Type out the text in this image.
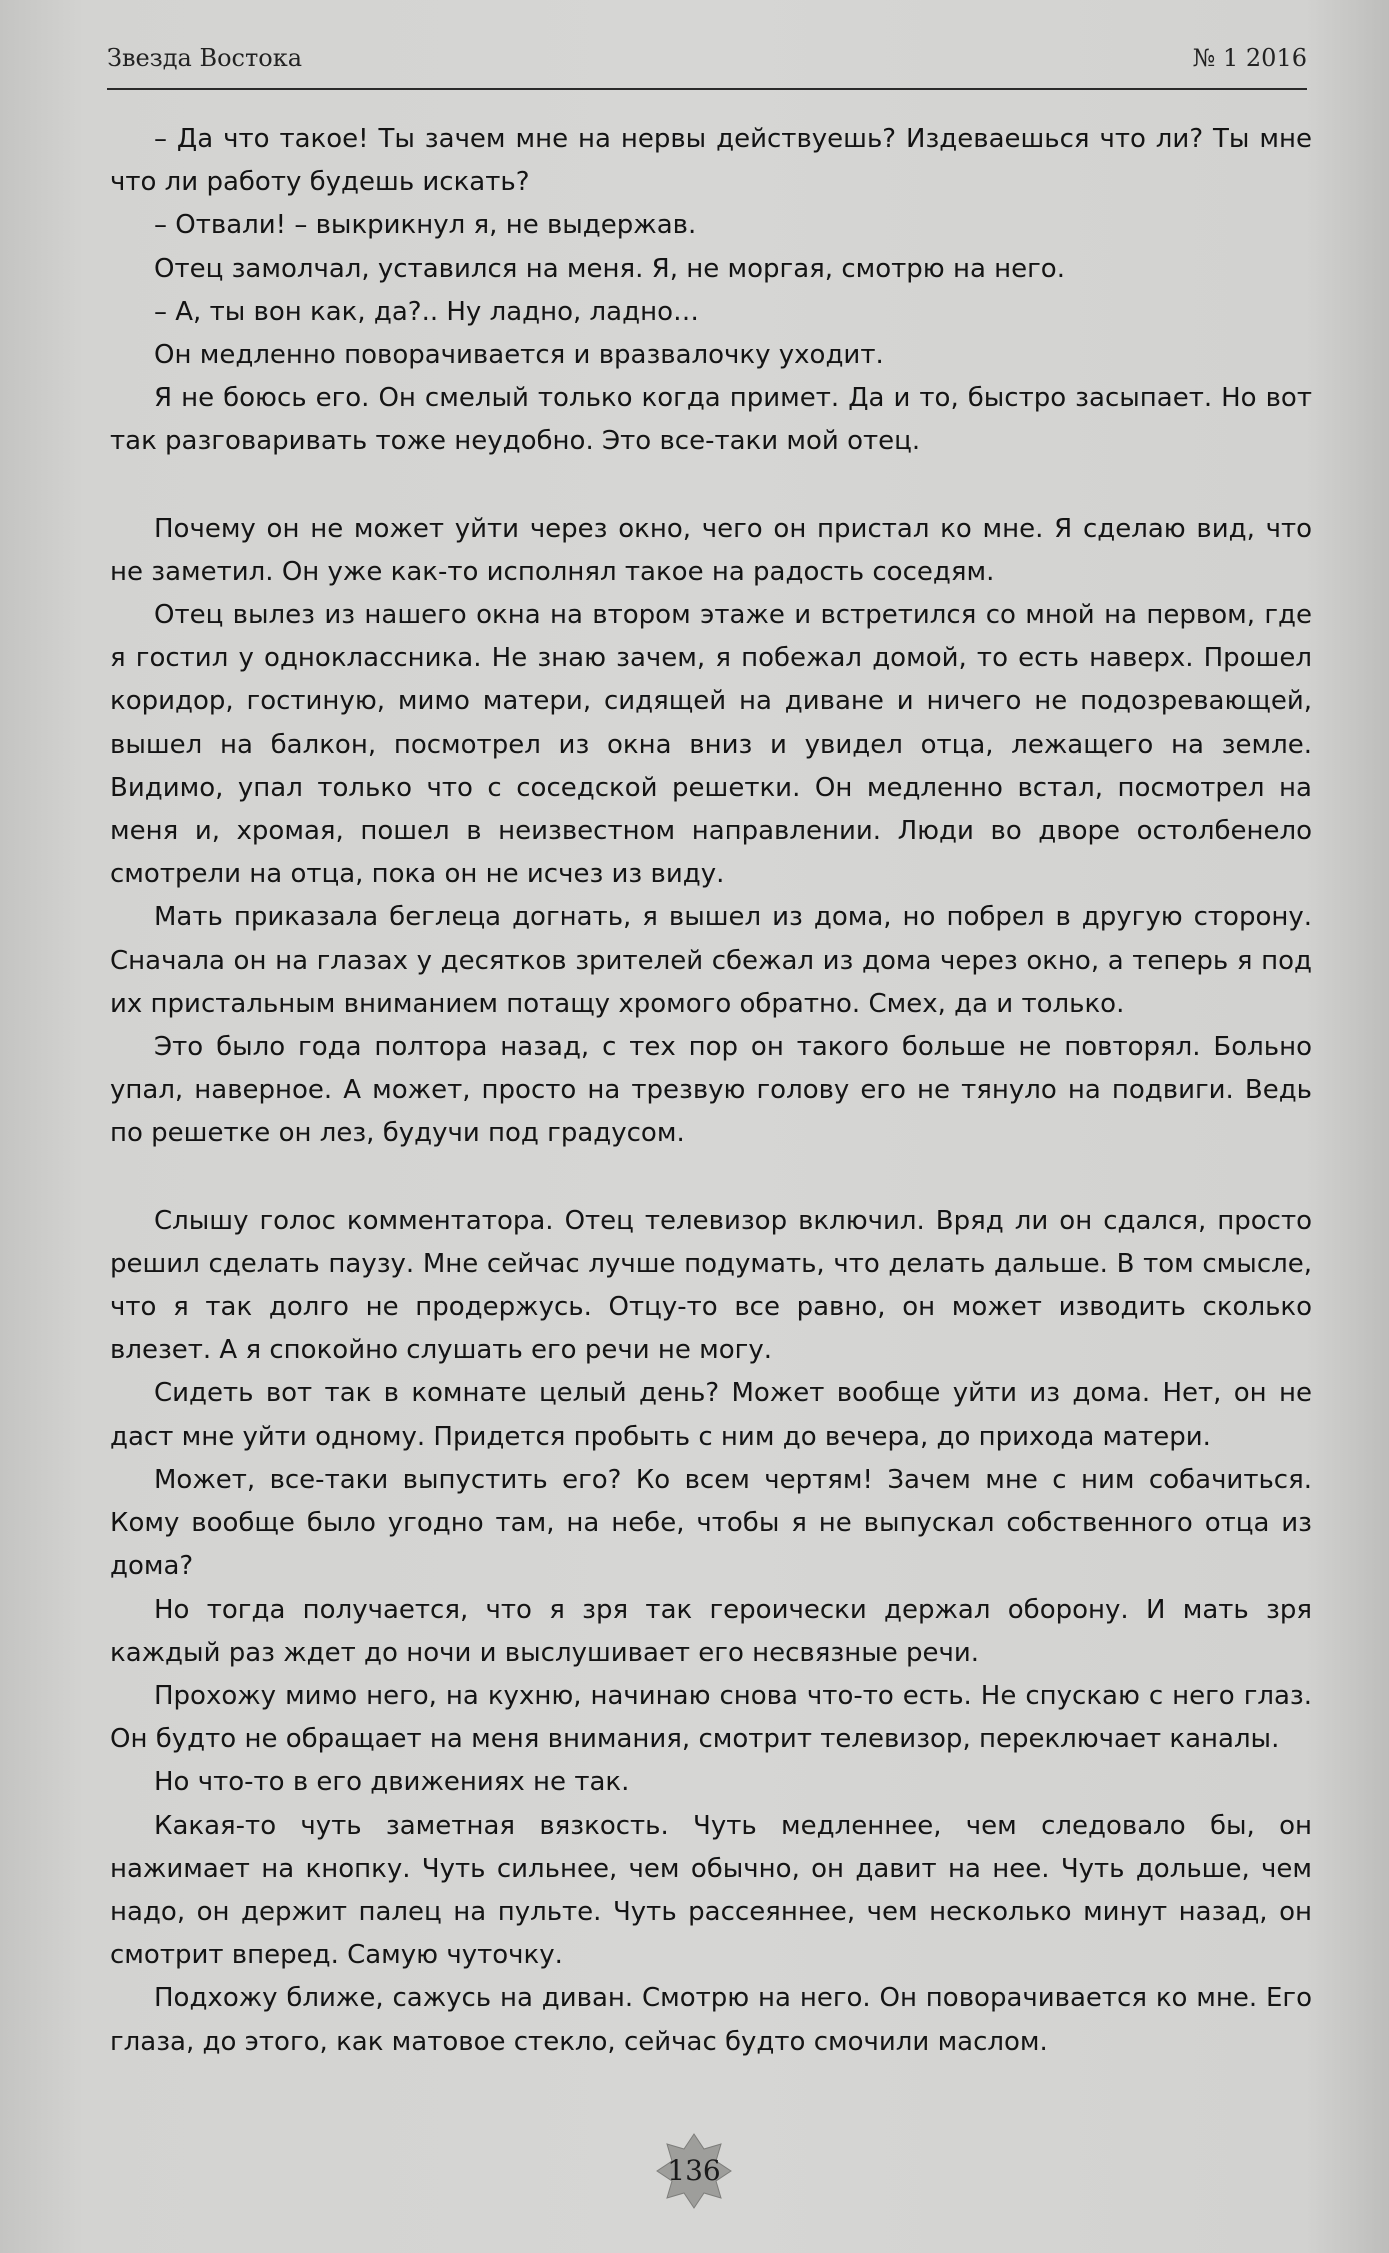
Звезда Востока	№ 1 2016

– Да что такое! Ты зачем мне на нервы действуешь? Издеваешься что ли? Ты мне что ли работу будешь искать?

– Отвали! – выкрикнул я, не выдержав.

Отец замолчал, уставился на меня. Я, не моргая, смотрю на него.

– А, ты вон как, да?.. Ну ладно, ладно…

Он медленно поворачивается и вразвалочку уходит.

Я не боюсь его. Он смелый только когда примет. Да и то, быстро засыпает. Но вот так разговаривать тоже неудобно. Это все-таки мой отец.

Почему он не может уйти через окно, чего он пристал ко мне. Я сделаю вид, что не заметил. Он уже как-то исполнял такое на радость соседям.

Отец вылез из нашего окна на втором этаже и встретился со мной на первом, где я гостил у одноклассника. Не знаю зачем, я побежал домой, то есть наверх. Прошел коридор, гостиную, мимо матери, сидящей на диване и ничего не подозревающей, вышел на балкон, посмотрел из окна вниз и увидел отца, лежащего на земле. Видимо, упал только что с соседской решетки. Он медленно встал, посмотрел на меня и, хромая, пошел в неизвестном направлении. Люди во дворе остолбенело смотрели на отца, пока он не исчез из виду.

Мать приказала беглеца догнать, я вышел из дома, но побрел в другую сторону. Сначала он на глазах у десятков зрителей сбежал из дома через окно, а теперь я под их пристальным вниманием потащу хромого обратно. Смех, да и только.

Это было года полтора назад, с тех пор он такого больше не повторял. Больно упал, наверное. А может, просто на трезвую голову его не тянуло на подвиги. Ведь по решетке он лез, будучи под градусом.

Слышу голос комментатора. Отец телевизор включил. Вряд ли он сдался, просто решил сделать паузу. Мне сейчас лучше подумать, что делать дальше. В том смысле, что я так долго не продержусь. Отцу-то все равно, он может изводить сколько влезет. А я спокойно слушать его речи не могу.

Сидеть вот так в комнате целый день? Может вообще уйти из дома. Нет, он не даст мне уйти одному. Придется пробыть с ним до вечера, до прихода матери.

Может, все-таки выпустить его? Ко всем чертям! Зачем мне с ним собачиться. Кому вообще было угодно там, на небе, чтобы я не выпускал собственного отца из дома?

Но тогда получается, что я зря так героически держал оборону. И мать зря каждый раз ждет до ночи и выслушивает его несвязные речи.

Прохожу мимо него, на кухню, начинаю снова что-то есть. Не спускаю с него глаз. Он будто не обращает на меня внимания, смотрит телевизор, переключает каналы.

Но что-то в его движениях не так.

Какая-то чуть заметная вязкость. Чуть медленнее, чем следовало бы, он нажимает на кнопку. Чуть сильнее, чем обычно, он давит на нее. Чуть дольше, чем надо, он держит палец на пульте. Чуть рассеяннее, чем несколько минут назад, он смотрит вперед. Самую чуточку.

Подхожу ближе, сажусь на диван. Смотрю на него. Он поворачивается ко мне. Его глаза, до этого, как матовое стекло, сейчас будто смочили маслом.

136
